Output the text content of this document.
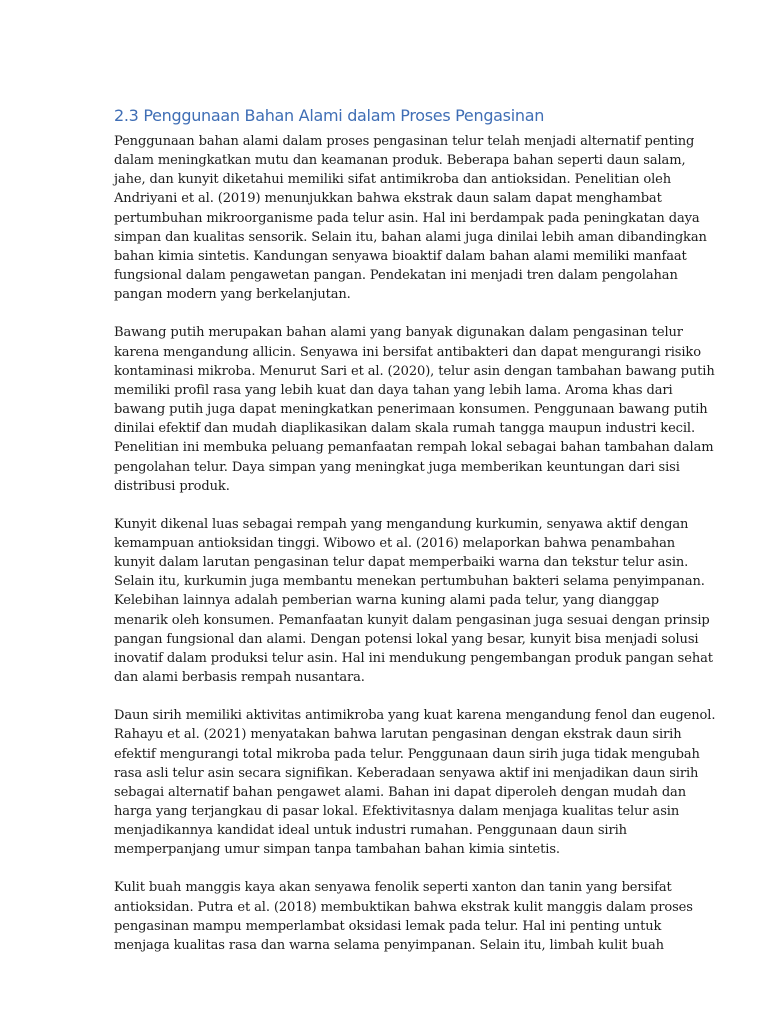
2.3 Penggunaan Bahan Alami dalam Proses Pengasinan

Penggunaan bahan alami dalam proses pengasinan telur telah menjadi alternatif penting
dalam meningkatkan mutu dan keamanan produk. Beberapa bahan seperti daun salam,
jahe, dan kunyit diketahui memiliki sifat antimikroba dan antioksidan. Penelitian oleh
Andriyani et al. (2019) menunjukkan bahwa ekstrak daun salam dapat menghambat
pertumbuhan mikroorganisme pada telur asin. Hal ini berdampak pada peningkatan daya
simpan dan kualitas sensorik. Selain itu, bahan alami juga dinilai lebih aman dibandingkan
bahan kimia sintetis. Kandungan senyawa bioaktif dalam bahan alami memiliki manfaat
fungsional dalam pengawetan pangan. Pendekatan ini menjadi tren dalam pengolahan
pangan modern yang berkelanjutan.

Bawang putih merupakan bahan alami yang banyak digunakan dalam pengasinan telur
karena mengandung allicin. Senyawa ini bersifat antibakteri dan dapat mengurangi risiko
kontaminasi mikroba. Menurut Sari et al. (2020), telur asin dengan tambahan bawang putih
memiliki profil rasa yang lebih kuat dan daya tahan yang lebih lama. Aroma khas dari
bawang putih juga dapat meningkatkan penerimaan konsumen. Penggunaan bawang putih
dinilai efektif dan mudah diaplikasikan dalam skala rumah tangga maupun industri kecil.
Penelitian ini membuka peluang pemanfaatan rempah lokal sebagai bahan tambahan dalam
pengolahan telur. Daya simpan yang meningkat juga memberikan keuntungan dari sisi
distribusi produk.

Kunyit dikenal luas sebagai rempah yang mengandung kurkumin, senyawa aktif dengan
kemampuan antioksidan tinggi. Wibowo et al. (2016) melaporkan bahwa penambahan
kunyit dalam larutan pengasinan telur dapat memperbaiki warna dan tekstur telur asin.
Selain itu, kurkumin juga membantu menekan pertumbuhan bakteri selama penyimpanan.
Kelebihan lainnya adalah pemberian warna kuning alami pada telur, yang dianggap
menarik oleh konsumen. Pemanfaatan kunyit dalam pengasinan juga sesuai dengan prinsip
pangan fungsional dan alami. Dengan potensi lokal yang besar, kunyit bisa menjadi solusi
inovatif dalam produksi telur asin. Hal ini mendukung pengembangan produk pangan sehat
dan alami berbasis rempah nusantara.

Daun sirih memiliki aktivitas antimikroba yang kuat karena mengandung fenol dan eugenol.
Rahayu et al. (2021) menyatakan bahwa larutan pengasinan dengan ekstrak daun sirih
efektif mengurangi total mikroba pada telur. Penggunaan daun sirih juga tidak mengubah
rasa asli telur asin secara signifikan. Keberadaan senyawa aktif ini menjadikan daun sirih
sebagai alternatif bahan pengawet alami. Bahan ini dapat diperoleh dengan mudah dan
harga yang terjangkau di pasar lokal. Efektivitasnya dalam menjaga kualitas telur asin
menjadikannya kandidat ideal untuk industri rumahan. Penggunaan daun sirih
memperpanjang umur simpan tanpa tambahan bahan kimia sintetis.

Kulit buah manggis kaya akan senyawa fenolik seperti xanton dan tanin yang bersifat
antioksidan. Putra et al. (2018) membuktikan bahwa ekstrak kulit manggis dalam proses
pengasinan mampu memperlambat oksidasi lemak pada telur. Hal ini penting untuk
menjaga kualitas rasa dan warna selama penyimpanan. Selain itu, limbah kulit buah
